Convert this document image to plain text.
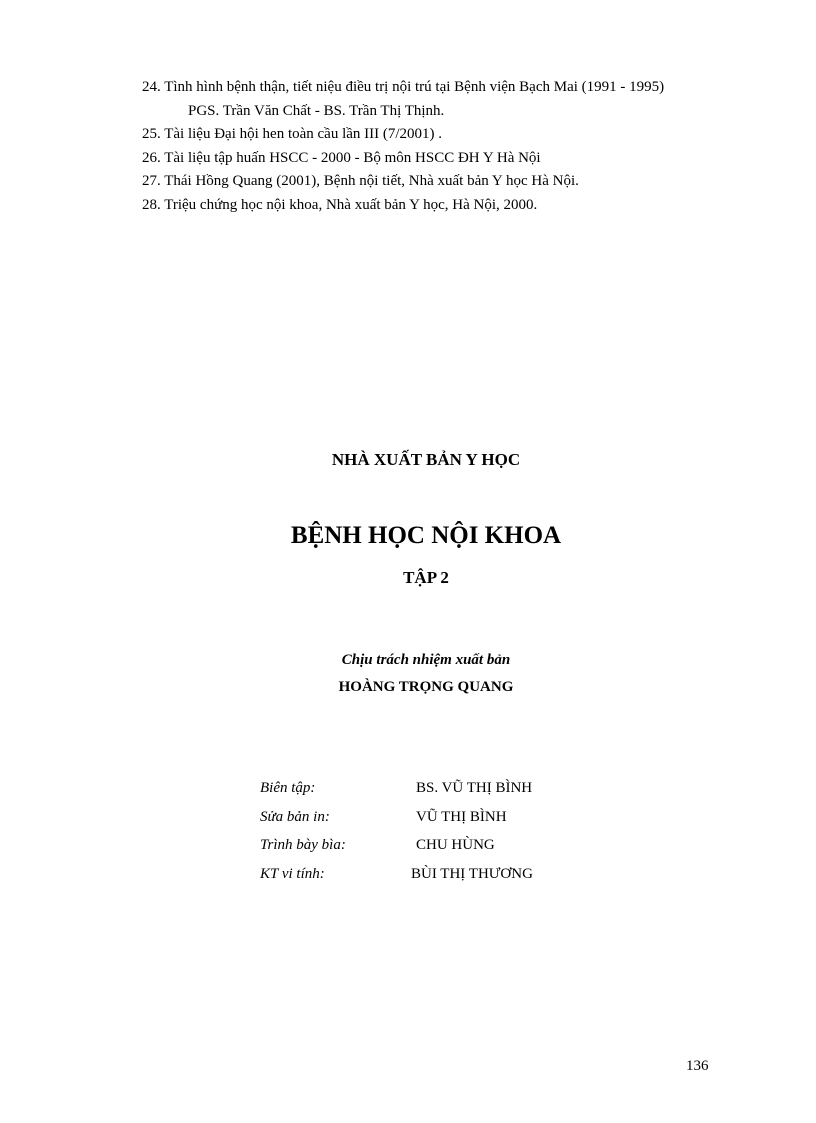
24. Tình hình bệnh thận, tiết niệu điều trị nội trú tại Bệnh viện Bạch Mai (1991 - 1995)
PGS. Trần Văn Chất - BS. Trần Thị Thịnh.
25. Tài liệu Đại hội hen toàn cầu lần III (7/2001) .
26. Tài liệu tập huấn HSCC - 2000 - Bộ môn HSCC ĐH Y Hà Nội
27. Thái Hồng Quang (2001), Bệnh nội tiết, Nhà xuất bản Y học Hà Nội.
28. Triệu chứng học nội khoa, Nhà xuất bản Y học, Hà Nội, 2000.
NHÀ XUẤT BẢN Y HỌC
BỆNH HỌC NỘI KHOA
TẬP 2
Chịu trách nhiệm xuất bản
HOÀNG TRỌNG QUANG
Biên tập:	BS. VŨ THỊ BÌNH
Sửa bản in:	VŨ THỊ BÌNH
Trình bày bìa:	CHU HÙNG
KT vi tính:	BÙI THỊ THƯƠNG
136
